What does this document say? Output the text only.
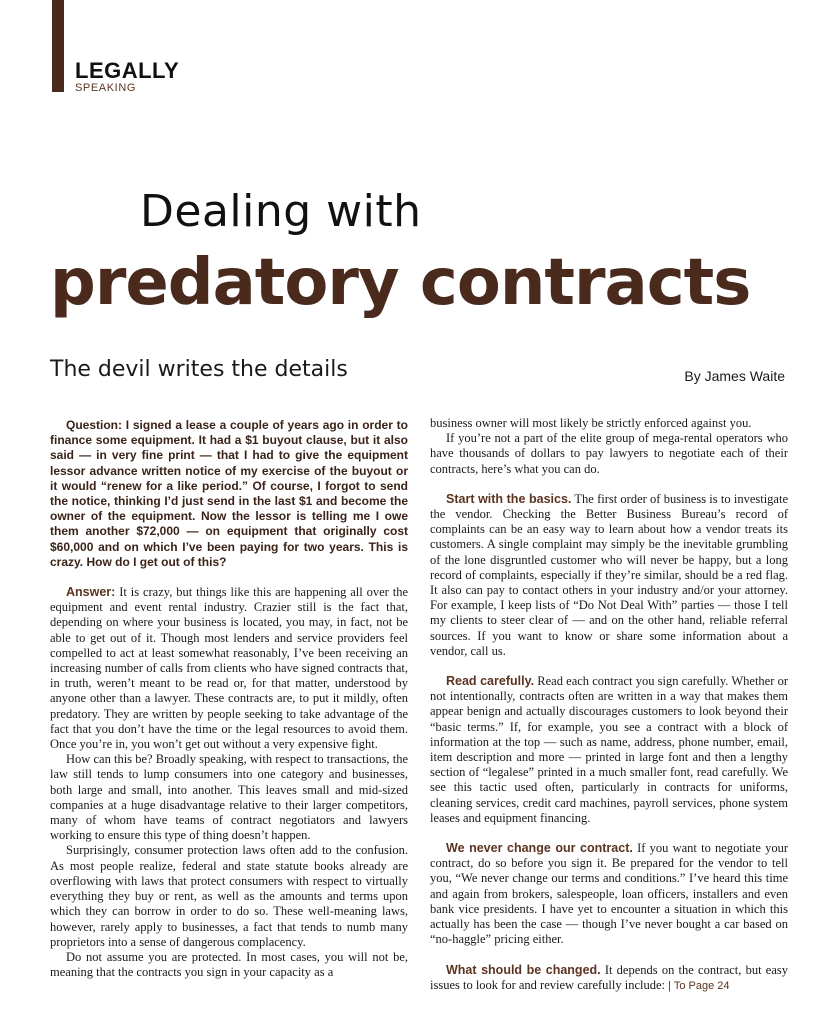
LEGALLY
SPEAKING
Dealing with
predatory contracts
The devil writes the details	By James Waite

Question: I signed a lease a couple of years ago in order to finance some equipment. It had a $1 buyout clause, but it also said — in very fine print — that I had to give the equipment lessor advance written notice of my exercise of the buyout or it would “renew for a like period.” Of course, I forgot to send the notice, thinking I’d just send in the last $1 and become the owner of the equipment. Now the lessor is telling me I owe them another $72,000 — on equipment that originally cost $60,000 and on which I’ve been paying for two years. This is crazy. How do I get out of this?

Answer: It is crazy, but things like this are happening all over the equipment and event rental industry. Crazier still is the fact that, depending on where your business is located, you may, in fact, not be able to get out of it. Though most lenders and service providers feel compelled to act at least somewhat reasonably, I’ve been receiving an increasing number of calls from clients who have signed contracts that, in truth, weren’t meant to be read or, for that matter, understood by anyone other than a lawyer. These contracts are, to put it mildly, often predatory. They are written by people seeking to take advantage of the fact that you don’t have the time or the legal resources to avoid them. Once you’re in, you won’t get out without a very expensive fight.

How can this be? Broadly speaking, with respect to transactions, the law still tends to lump consumers into one category and businesses, both large and small, into another. This leaves small and mid-sized companies at a huge disadvantage relative to their larger competitors, many of whom have teams of contract negotiators and lawyers working to ensure this type of thing doesn’t happen.

Surprisingly, consumer protection laws often add to the confusion. As most people realize, federal and state statute books already are overflowing with laws that protect consumers with respect to virtually everything they buy or rent, as well as the amounts and terms upon which they can borrow in order to do so. These well-meaning laws, however, rarely apply to businesses, a fact that tends to numb many proprietors into a sense of dangerous complacency.

Do not assume you are protected. In most cases, you will not be, meaning that the contracts you sign in your capacity as a

business owner will most likely be strictly enforced against you.

If you’re not a part of the elite group of mega-rental operators who have thousands of dollars to pay lawyers to negotiate each of their contracts, here’s what you can do.

Start with the basics. The first order of business is to investigate the vendor. Checking the Better Business Bureau’s record of complaints can be an easy way to learn about how a vendor treats its customers. A single complaint may simply be the inevitable grumbling of the lone disgruntled customer who will never be happy, but a long record of complaints, especially if they’re similar, should be a red flag. It also can pay to contact others in your industry and/or your attorney. For example, I keep lists of “Do Not Deal With” parties — those I tell my clients to steer clear of — and on the other hand, reliable referral sources. If you want to know or share some information about a vendor, call us.

Read carefully. Read each contract you sign carefully. Whether or not intentionally, contracts often are written in a way that makes them appear benign and actually discourages customers to look beyond their “basic terms.” If, for example, you see a contract with a block of information at the top — such as name, address, phone number, email, item description and more — printed in large font and then a lengthy section of “legalese” printed in a much smaller font, read carefully. We see this tactic used often, particularly in contracts for uniforms, cleaning services, credit card machines, payroll services, phone system leases and equipment financing.

We never change our contract. If you want to negotiate your contract, do so before you sign it. Be prepared for the vendor to tell you, “We never change our terms and conditions.” I’ve heard this time and again from brokers, salespeople, loan officers, installers and even bank vice presidents. I have yet to encounter a situation in which this actually has been the case — though I’ve never bought a car based on “no-haggle” pricing either.

What should be changed. It depends on the contract, but easy issues to look for and review carefully include: | To Page 24
